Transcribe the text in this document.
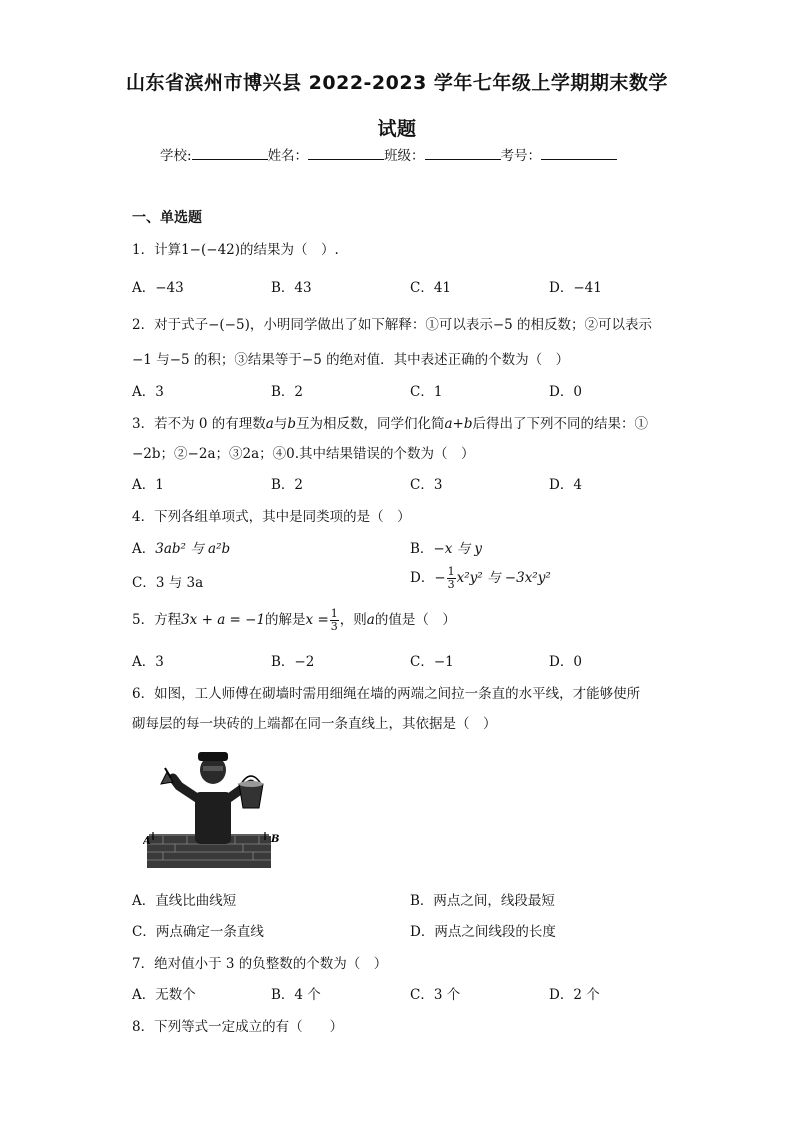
山东省滨州市博兴县 2022-2023 学年七年级上学期期末数学
试题
学校:	姓名：	班级：	考号：
一、单选题
1．计算1−(−42)的结果为（　）.
A．−43	B．43	C．41	D．−41
2．对于式子−(−5)，小明同学做出了如下解释：①可以表示−5 的相反数；②可以表示
−1 与−5 的积；③结果等于−5 的绝对值．其中表述正确的个数为（　）
A．3	B．2	C．1	D．0
3．若不为 0 的有理数a与b互为相反数，同学们化简a+b后得出了下列不同的结果：①
−2b；②−2a；③2a；④0.其中结果错误的个数为（　）
A．1	B．2	C．3	D．4
4．下列各组单项式，其中是同类项的是（　）
A．3ab² 与 a²b	B．−x 与 y
C．3 与 3a	D．− $\frac{1}{3} x^2y^2$ 与 −3x²y²
5．方程3x + a = −1的解是$x = \frac{1}{3}$ ，则a的值是（　）
A．3	B．−2	C．−1	D．0
6．如图，工人师傅在砌墙时需用细绳在墙的两端之间拉一条直的水平线，才能够使所
砌每层的每一块砖的上端都在同一条直线上，其依据是（　）
A	B
A．直线比曲线短	B．两点之间，线段最短
C．两点确定一条直线	D．两点之间线段的长度
7．绝对值小于 3 的负整数的个数为（　）
A．无数个	B．4 个	C．3 个	D．2 个
8．下列等式一定成立的有（　　）
